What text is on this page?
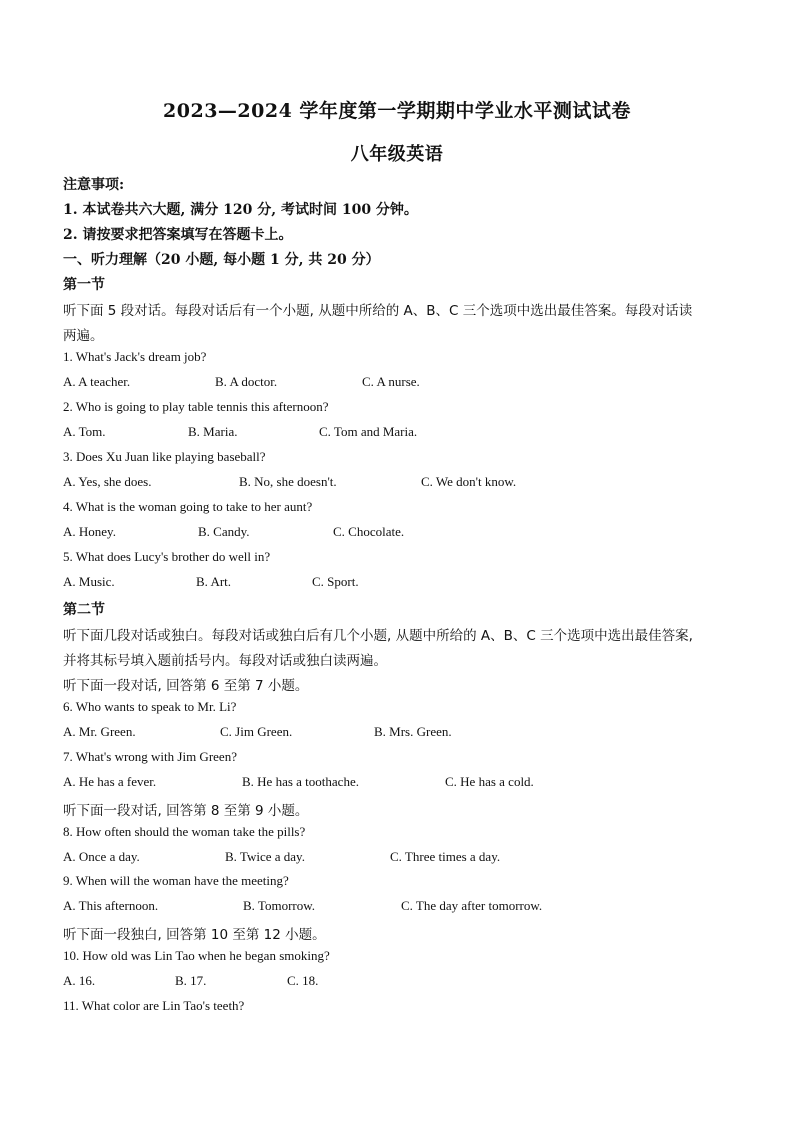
2023—2024 学年度第一学期期中学业水平测试试卷
八年级英语
注意事项:
1. 本试卷共六大题, 满分 120 分, 考试时间 100 分钟。
2. 请按要求把答案填写在答题卡上。
一、听力理解（20 小题, 每小题 1 分, 共 20 分）
第一节
听下面 5 段对话。每段对话后有一个小题, 从题中所给的 A、B、C 三个选项中选出最佳答案。每段对话读
两遍。
1. What's Jack's dream job?
A. A teacher.	B. A doctor.	C. A nurse.
2. Who is going to play table tennis this afternoon?
A. Tom.	B. Maria.	C. Tom and Maria.
3. Does Xu Juan like playing baseball?
A. Yes, she does.	B. No, she doesn't.	C. We don't know.
4. What is the woman going to take to her aunt?
A. Honey.	B. Candy.	C. Chocolate.
5. What does Lucy's brother do well in?
A. Music.	B. Art.	C. Sport.
第二节
听下面几段对话或独白。每段对话或独白后有几个小题, 从题中所给的 A、B、C 三个选项中选出最佳答案,
并将其标号填入题前括号内。每段对话或独白读两遍。
听下面一段对话, 回答第 6 至第 7 小题。
6. Who wants to speak to Mr. Li?
A. Mr. Green.	C. Jim Green.	B. Mrs. Green.
7. What's wrong with Jim Green?
A. He has a fever.	B. He has a toothache.	C. He has a cold.
听下面一段对话, 回答第 8 至第 9 小题。
8. How often should the woman take the pills?
A. Once a day.	B. Twice a day.	C. Three times a day.
9. When will the woman have the meeting?
A. This afternoon.	B. Tomorrow.	C. The day after tomorrow.
听下面一段独白, 回答第 10 至第 12 小题。
10. How old was Lin Tao when he began smoking?
A. 16.	B. 17.	C. 18.
11. What color are Lin Tao's teeth?
